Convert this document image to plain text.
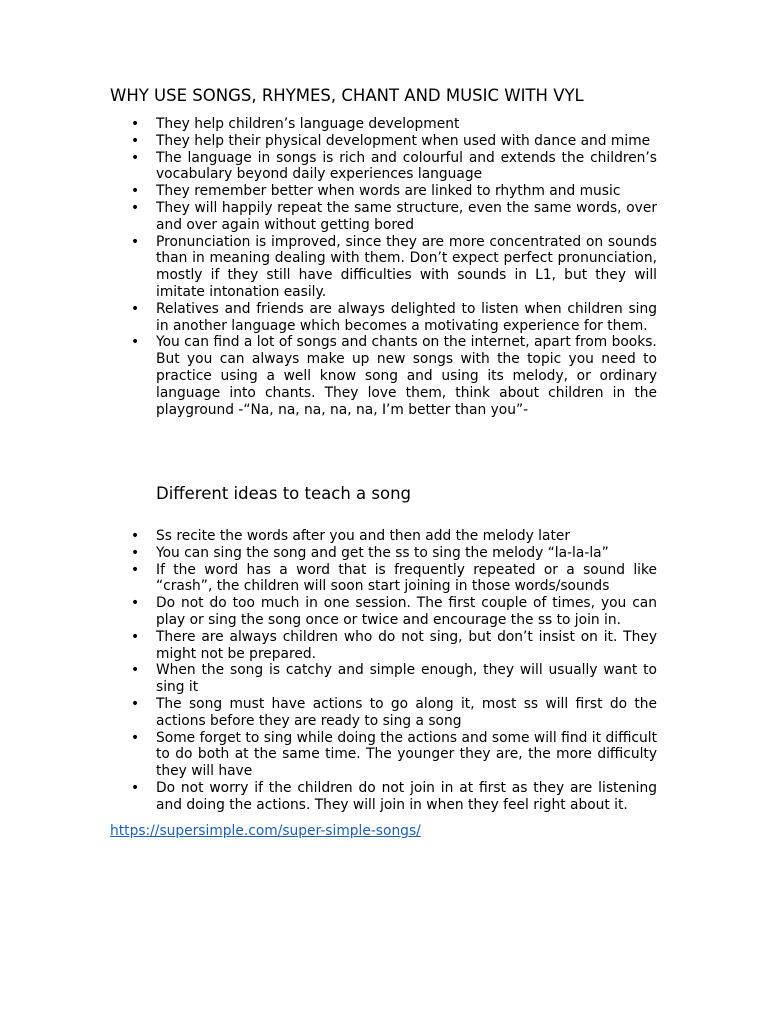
WHY USE SONGS, RHYMES, CHANT AND MUSIC WITH VYL
• They help children’s language development
• They help their physical development when used with dance and mime
• The language in songs is rich and colourful and extends the children’s vocabulary beyond daily experiences language
• They remember better when words are linked to rhythm and music
• They will happily repeat the same structure, even the same words, over and over again without getting bored
• Pronunciation is improved, since they are more concentrated on sounds than in meaning dealing with them. Don’t expect perfect pronunciation, mostly if they still have difficulties with sounds in L1, but they will imitate intonation easily.
• Relatives and friends are always delighted to listen when children sing in another language which becomes a motivating experience for them.
• You can find a lot of songs and chants on the internet, apart from books.
But you can always make up new songs with the topic you need to practice using a well know song and using its melody, or ordinary language into chants. They love them, think about children in the playground -“Na, na, na, na, na, I’m better than you”-
Different ideas to teach a song
• Ss recite the words after you and then add the melody later
• You can sing the song and get the ss to sing the melody “la-la-la”
• If the word has a word that is frequently repeated or a sound like “crash”, the children will soon start joining in those words/sounds
• Do not do too much in one session. The first couple of times, you can play or sing the song once or twice and encourage the ss to join in.
• There are always children who do not sing, but don’t insist on it. They might not be prepared.
• When the song is catchy and simple enough, they will usually want to sing it
• The song must have actions to go along it, most ss will first do the actions before they are ready to sing a song
• Some forget to sing while doing the actions and some will find it difficult to do both at the same time. The younger they are, the more difficulty they will have
• Do not worry if the children do not join in at first as they are listening and doing the actions. They will join in when they feel right about it.
https://supersimple.com/super-simple-songs/
